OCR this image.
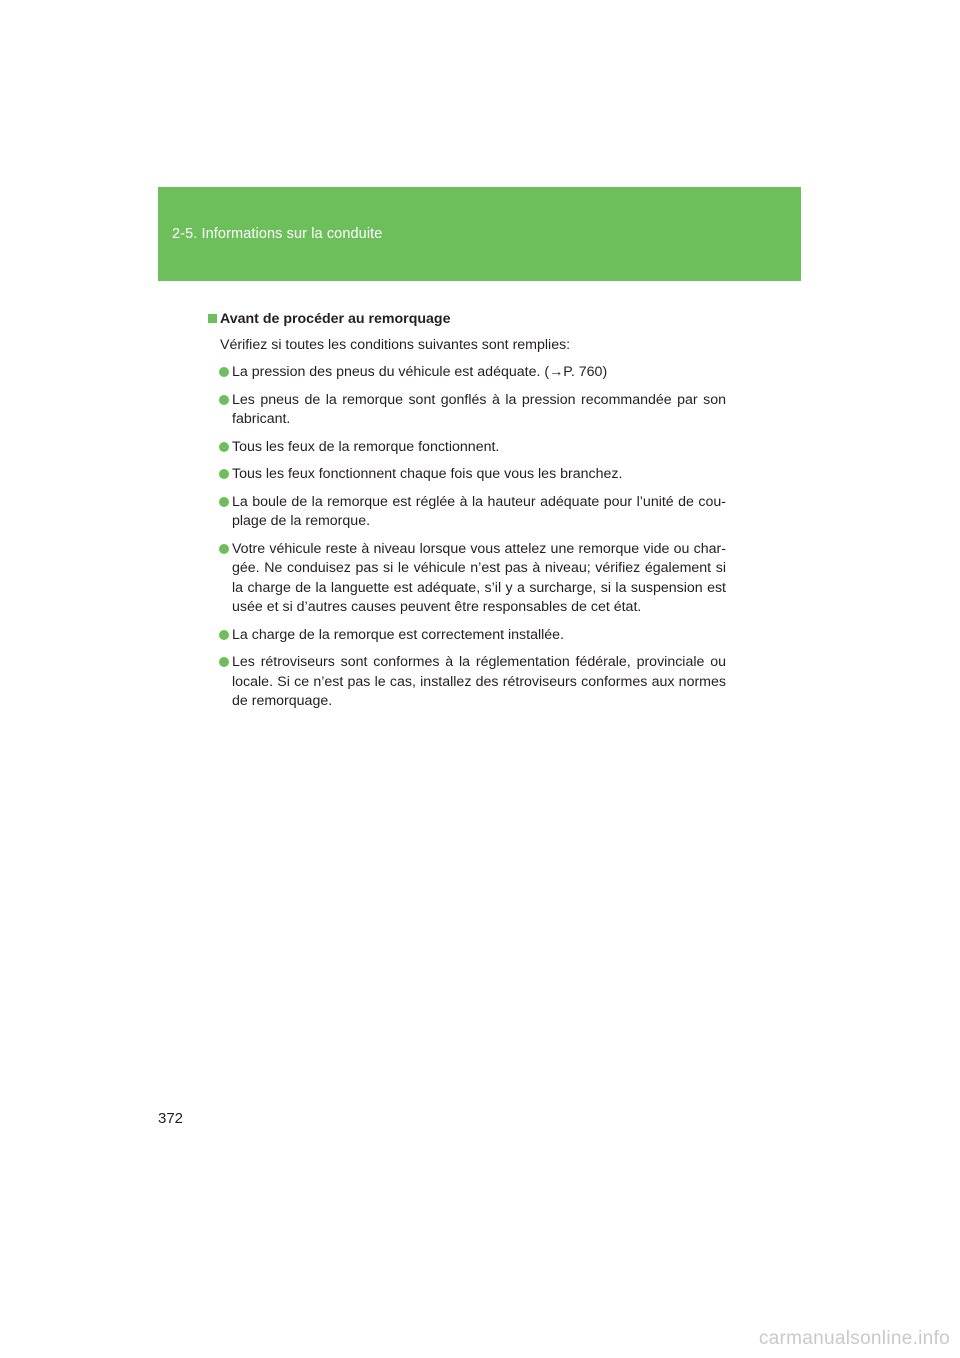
2-5. Informations sur la conduite
Avant de procéder au remorquage
Vérifiez si toutes les conditions suivantes sont remplies:
La pression des pneus du véhicule est adéquate. (→P. 760)
Les pneus de la remorque sont gonflés à la pression recommandée par son fabricant.
Tous les feux de la remorque fonctionnent.
Tous les feux fonctionnent chaque fois que vous les branchez.
La boule de la remorque est réglée à la hauteur adéquate pour l’unité de cou-plage de la remorque.
Votre véhicule reste à niveau lorsque vous attelez une remorque vide ou char-gée. Ne conduisez pas si le véhicule n’est pas à niveau; vérifiez également si la charge de la languette est adéquate, s’il y a surcharge, si la suspension est usée et si d’autres causes peuvent être responsables de cet état.
La charge de la remorque est correctement installée.
Les rétroviseurs sont conformes à la réglementation fédérale, provinciale ou locale. Si ce n’est pas le cas, installez des rétroviseurs conformes aux normes de remorquage.
372
carmanualsonline.info
